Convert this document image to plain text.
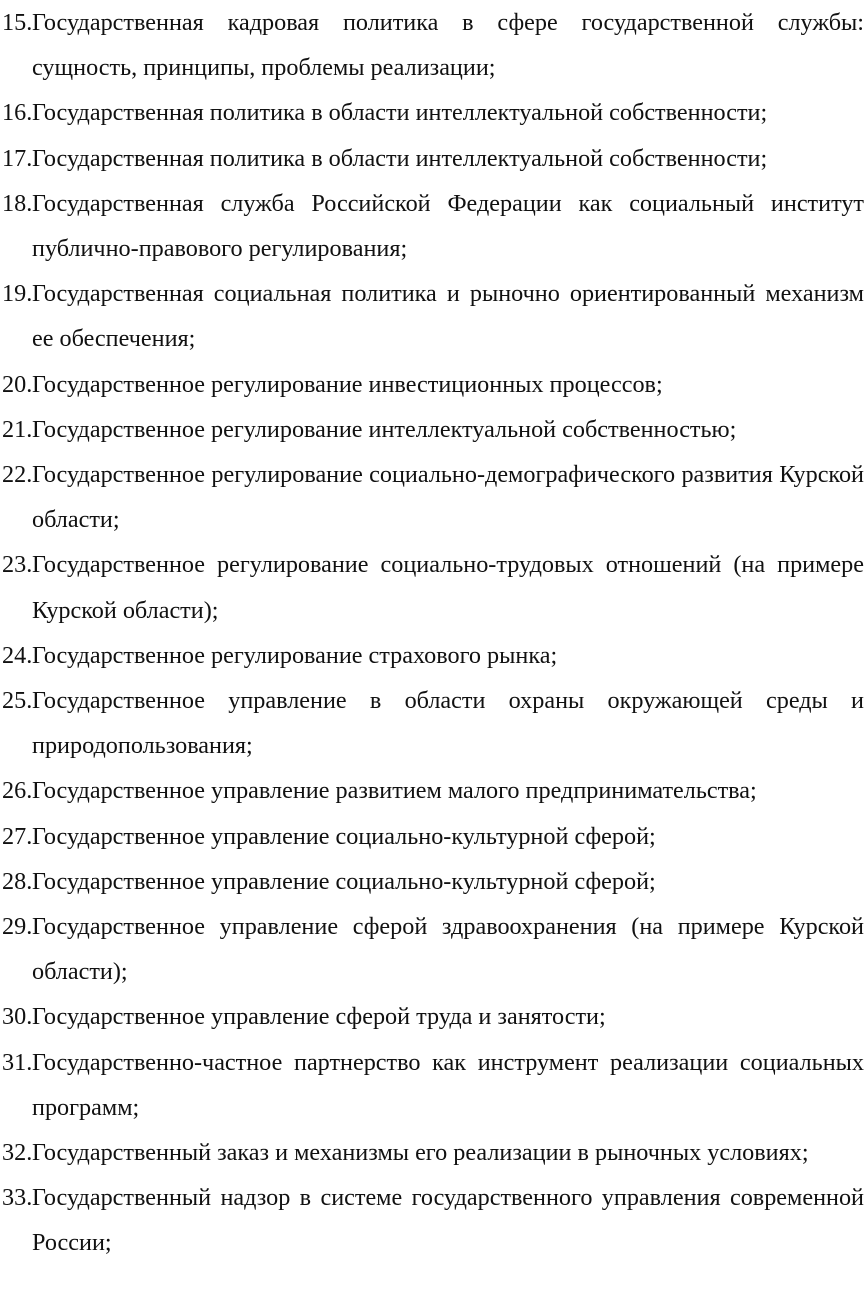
15. Государственная кадровая политика в сфере государственной службы: сущность, принципы, проблемы реализации;
16. Государственная политика в области интеллектуальной собственности;
17. Государственная политика в области интеллектуальной собственности;
18. Государственная служба Российской Федерации как социальный институт публично-правового регулирования;
19. Государственная социальная политика и рыночно ориентированный механизм ее обеспечения;
20. Государственное регулирование инвестиционных процессов;
21. Государственное регулирование интеллектуальной собственностью;
22. Государственное регулирование социально-демографического развития Курской области;
23. Государственное регулирование социально-трудовых отношений (на примере Курской области);
24. Государственное регулирование страхового рынка;
25. Государственное управление в области охраны окружающей среды и природопользования;
26. Государственное управление развитием малого предпринимательства;
27. Государственное управление социально-культурной сферой;
28. Государственное управление социально-культурной сферой;
29. Государственное управление сферой здравоохранения (на примере Курской области);
30. Государственное управление сферой труда и занятости;
31. Государственно-частное партнерство как инструмент реализации социальных программ;
32. Государственный заказ и механизмы его реализации в рыночных условиях;
33. Государственный надзор в системе государственного управления современной России;
